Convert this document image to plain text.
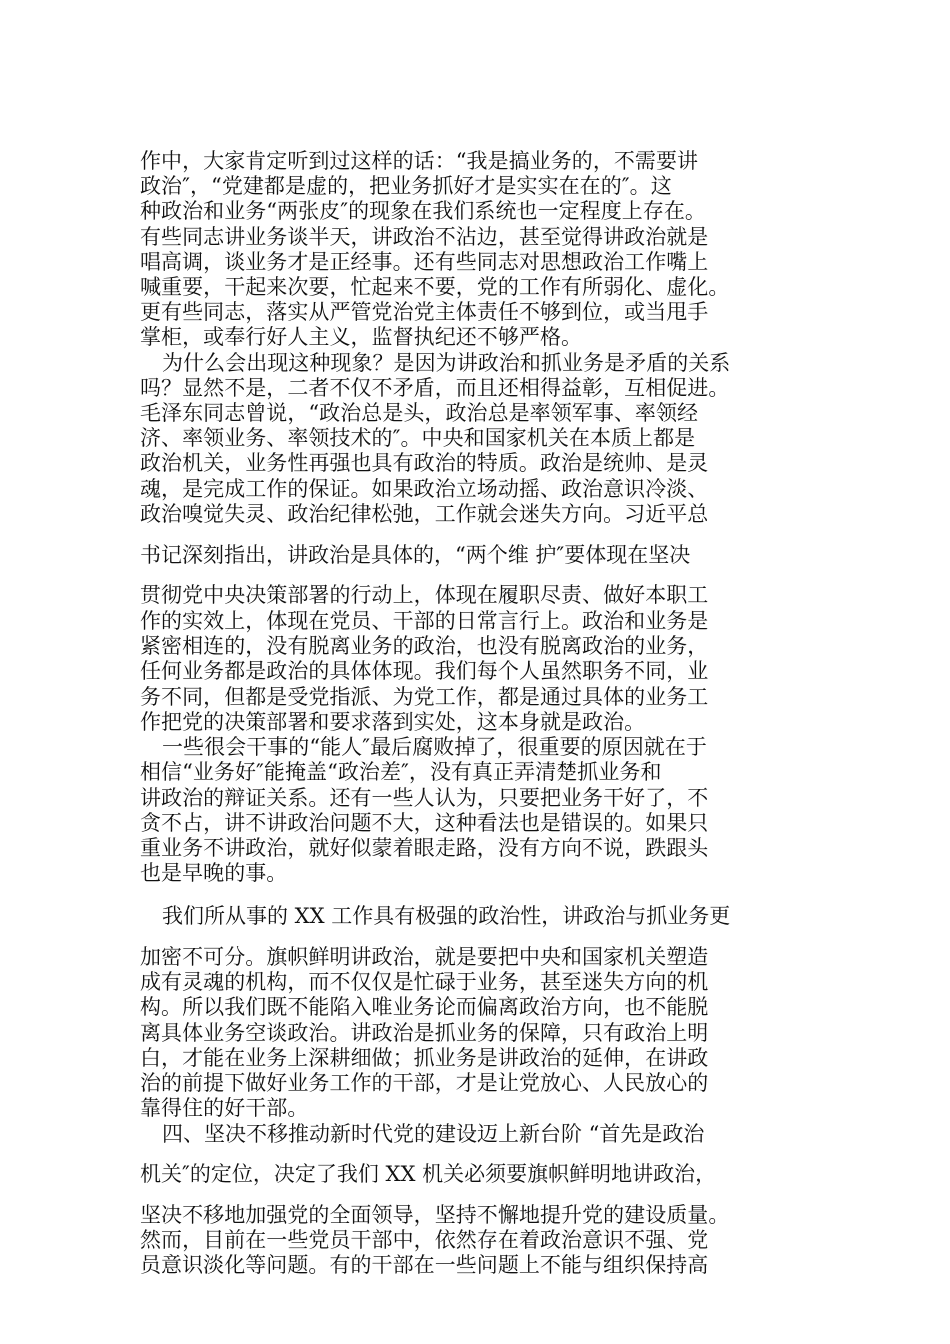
作中，大家肯定听到过这样的话：“我是搞业务的，不需要讲
政治″，“党建都是虚的，把业务抓好才是实实在在的″。这
种政治和业务“两张皮″的现象在我们系统也一定程度上存在。
有些同志讲业务谈半天，讲政治不沾边，甚至觉得讲政治就是
唱高调，谈业务才是正经事。还有些同志对思想政治工作嘴上
喊重要，干起来次要，忙起来不要，党的工作有所弱化、虚化。
更有些同志，落实从严管党治党主体责任不够到位，或当甩手
掌柜，或奉行好人主义，监督执纪还不够严格。
为什么会出现这种现象？是因为讲政治和抓业务是矛盾的关系
吗？显然不是，二者不仅不矛盾，而且还相得益彰，互相促进。
毛泽东同志曾说，“政治总是头，政治总是率领军事、率领经
济、率领业务、率领技术的″。中央和国家机关在本质上都是
政治机关，业务性再强也具有政治的特质。政治是统帅、是灵
魂，是完成工作的保证。如果政治立场动摇、政治意识冷淡、
政治嗅觉失灵、政治纪律松弛，工作就会迷失方向。习近平总
书记深刻指出，讲政治是具体的，“两个维 护″要体现在坚决
贯彻党中央决策部署的行动上，体现在履职尽责、做好本职工
作的实效上，体现在党员、干部的日常言行上。政治和业务是
紧密相连的，没有脱离业务的政治，也没有脱离政治的业务，
任何业务都是政治的具体体现。我们每个人虽然职务不同，业
务不同，但都是受党指派、为党工作，都是通过具体的业务工
作把党的决策部署和要求落到实处，这本身就是政治。
一些很会干事的“能人″最后腐败掉了，很重要的原因就在于
相信“业务好″能掩盖“政治差″，没有真正弄清楚抓业务和
讲政治的辩证关系。还有一些人认为，只要把业务干好了，不
贪不占，讲不讲政治问题不大，这种看法也是错误的。如果只
重业务不讲政治，就好似蒙着眼走路，没有方向不说，跌跟头
也是早晚的事。
我们所从事的 XX 工作具有极强的政治性，讲政治与抓业务更
加密不可分。旗帜鲜明讲政治，就是要把中央和国家机关塑造
成有灵魂的机构，而不仅仅是忙碌于业务，甚至迷失方向的机
构。所以我们既不能陷入唯业务论而偏离政治方向，也不能脱
离具体业务空谈政治。讲政治是抓业务的保障，只有政治上明
白，才能在业务上深耕细做；抓业务是讲政治的延伸，在讲政
治的前提下做好业务工作的干部，才是让党放心、人民放心的
靠得住的好干部。
四、坚决不移推动新时代党的建设迈上新台阶 “首先是政治
机关″的定位，决定了我们 XX 机关必须要旗帜鲜明地讲政治，
坚决不移地加强党的全面领导，坚持不懈地提升党的建设质量。
然而，目前在一些党员干部中，依然存在着政治意识不强、党
员意识淡化等问题。有的干部在一些问题上不能与组织保持高
